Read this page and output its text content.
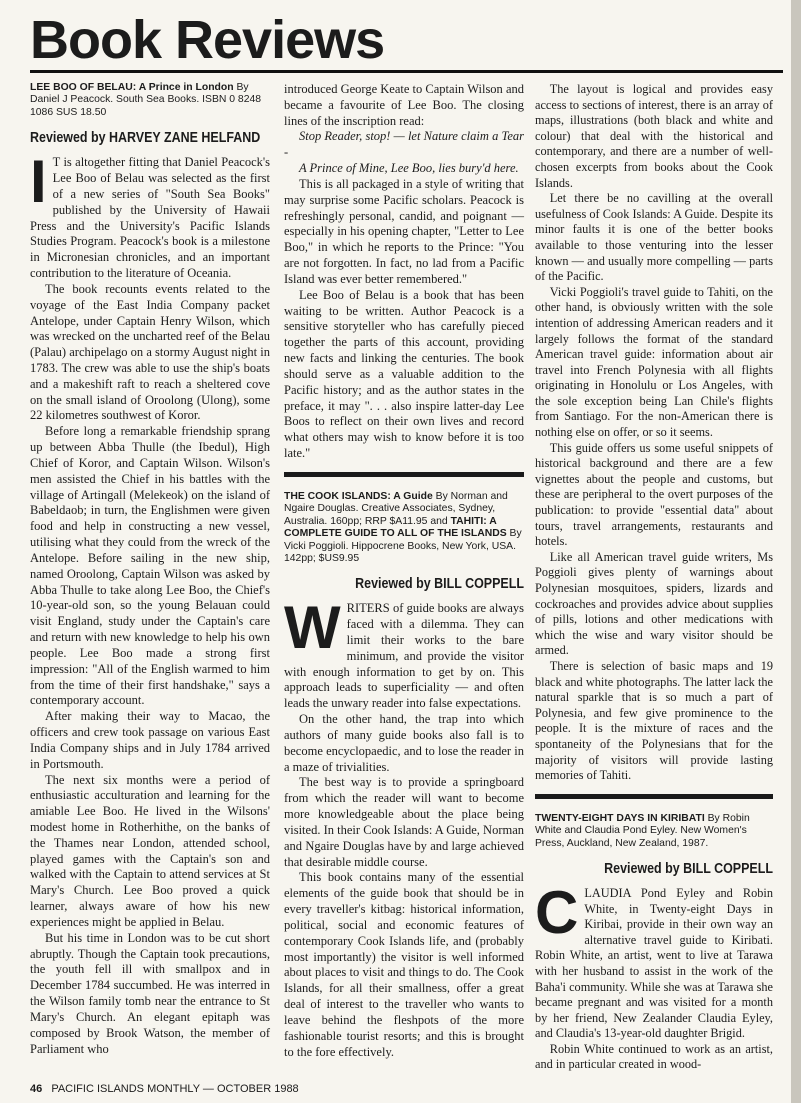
Book Reviews
LEE BOO OF BELAU: A Prince in London By Daniel J Peacock. South Sea Books. ISBN 0 8248 1086 SUS 18.50
Reviewed by HARVEY ZANE HELFAND

I T is altogether fitting that Daniel Peacock's Lee Boo of Belau was selected as the first of a new series of "South Sea Books" published by the University of Hawaii Press and the University's Pacific Islands Studies Program. Peacock's book is a milestone in Micronesian chronicles, and an important contribution to the literature of Oceania.

The book recounts events related to the voyage of the East India Company packet Antelope, under Captain Henry Wilson, which was wrecked on the uncharted reef of the Belau (Palau) archipelago on a stormy August night in 1783. The crew was able to use the ship's boats and a makeshift raft to reach a sheltered cove on the small island of Oroolong (Ulong), some 22 kilometres southwest of Koror.

Before long a remarkable friendship sprang up between Abba Thulle (the Ibedul), High Chief of Koror, and Captain Wilson. Wilson's men assisted the Chief in his battles with the village of Artingall (Melekeok) on the island of Babeldaob; in turn, the Englishmen were given food and help in constructing a new vessel, utilising what they could from the wreck of the Antelope. Before sailing in the new ship, named Oroolong, Captain Wilson was asked by Abba Thulle to take along Lee Boo, the Chief's 10-year-old son, so the young Belauan could visit England, study under the Captain's care and return with new knowledge to help his own people. Lee Boo made a strong first impression: "All of the English warmed to him from the time of their first handshake," says a contemporary account.

After making their way to Macao, the officers and crew took passage on various East India Company ships and in July 1784 arrived in Portsmouth.

The next six months were a period of enthusiastic acculturation and learning for the amiable Lee Boo. He lived in the Wilsons' modest home in Rotherhithe, on the banks of the Thames near London, attended school, played games with the Captain's son and walked with the Captain to attend services at St Mary's Church. Lee Boo proved a quick learner, always aware of how his new experiences might be applied in Belau.

But his time in London was to be cut short abruptly. Though the Captain took precautions, the youth fell ill with smallpox and in December 1784 succumbed. He was interred in the Wilson family tomb near the entrance to St Mary's Church. An elegant epitaph was composed by Brook Watson, the member of Parliament who

introduced George Keate to Captain Wilson and became a favourite of Lee Boo. The closing lines of the inscription read:

Stop Reader, stop! — let Nature claim a Tear -

A Prince of Mine, Lee Boo, lies bury'd here.

This is all packaged in a style of writing that may surprise some Pacific scholars. Peacock is refreshingly personal, candid, and poignant — especially in his opening chapter, "Letter to Lee Boo," in which he reports to the Prince: "You are not forgotten. In fact, no lad from a Pacific Island was ever better remembered."

Lee Boo of Belau is a book that has been waiting to be written. Author Peacock is a sensitive storyteller who has carefully pieced together the parts of this account, providing new facts and linking the centuries. The book should serve as a valuable addition to the Pacific history; and as the author states in the preface, it may ". . . also inspire latter-day Lee Boos to reflect on their own lives and record what others may wish to know before it is too late."

THE COOK ISLANDS: A Guide By Norman and Ngaire Douglas. Creative Associates, Sydney, Australia. 160pp; RRP $A11.95 and TAHITI: A COMPLETE GUIDE TO ALL OF THE ISLANDS By Vicki Poggioli. Hippocrene Books, New York, USA. 142pp; $US9.95
Reviewed by BILL COPPELL

WRITERS of guide books are always faced with a dilemma. They can limit their works to the bare minimum, and provide the visitor with enough information to get by on. This approach leads to superficiality — and often leads the unwary reader into false expectations.

On the other hand, the trap into which authors of many guide books also fall is to become encyclopaedic, and to lose the reader in a maze of trivialities.

The best way is to provide a springboard from which the reader will want to become more knowledgeable about the place being visited. In their Cook Islands: A Guide, Norman and Ngaire Douglas have by and large achieved that desirable middle course.

This book contains many of the essential elements of the guide book that should be in every traveller's kitbag: historical information, political, social and economic features of contemporary Cook Islands life, and (probably most importantly) the visitor is well informed about places to visit and things to do. The Cook Islands, for all their smallness, offer a great deal of interest to the traveller who wants to leave behind the fleshpots of the more fashionable tourist resorts; and this is brought to the fore effectively.

The layout is logical and provides easy access to sections of interest, there is an array of maps, illustrations (both black and white and colour) that deal with the historical and contemporary, and there are a number of well-chosen excerpts from books about the Cook Islands.

Let there be no cavilling at the overall usefulness of Cook Islands: A Guide. Despite its minor faults it is one of the better books available to those venturing into the lesser known — and usually more compelling — parts of the Pacific.

Vicki Poggioli's travel guide to Tahiti, on the other hand, is obviously written with the sole intention of addressing American readers and it largely follows the format of the standard American travel guide: information about air travel into French Polynesia with all flights originating in Honolulu or Los Angeles, with the sole exception being Lan Chile's flights from Santiago. For the non-American there is nothing else on offer, or so it seems.

This guide offers us some useful snippets of historical background and there are a few vignettes about the people and customs, but these are peripheral to the overt purposes of the publication: to provide "essential data" about tours, travel arrangements, restaurants and hotels.

Like all American travel guide writers, Ms Poggioli gives plenty of warnings about Polynesian mosquitoes, spiders, lizards and cockroaches and provides advice about supplies of pills, lotions and other medications with which the wise and wary visitor should be armed.

There is selection of basic maps and 19 black and white photographs. The latter lack the natural sparkle that is so much a part of Polynesia, and few give prominence to the people. It is the mixture of races and the spontaneity of the Polynesians that for the majority of visitors will provide lasting memories of Tahiti.

TWENTY-EIGHT DAYS IN KIRIBATI By Robin White and Claudia Pond Eyley. New Women's Press, Auckland, New Zealand, 1987.
Reviewed by BILL COPPELL

CLAUDIA Pond Eyley and Robin White, in Twenty-eight Days in Kiribai, provide in their own way an alternative travel guide to Kiribati. Robin White, an artist, went to live at Tarawa with her husband to assist in the work of the Baha'i community. While she was at Tarawa she became pregnant and was visited for a month by her friend, New Zealander Claudia Eyley, and Claudia's 13-year-old daughter Brigid.

Robin White continued to work as an artist, and in particular created in wood-

46 PACIFIC ISLANDS MONTHLY — OCTOBER 1988
